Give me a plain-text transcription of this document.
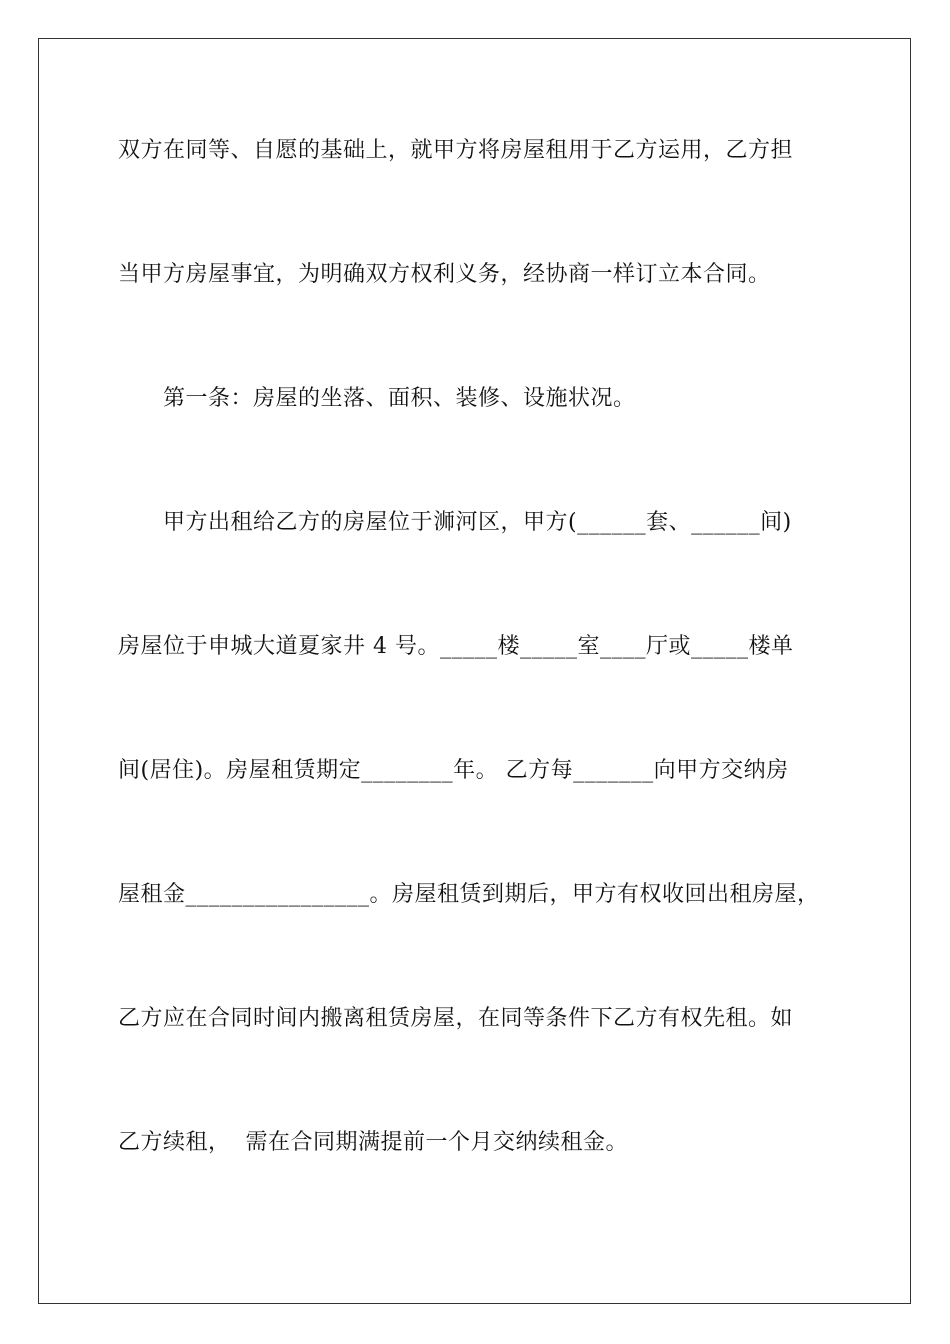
双方在同等、自愿的基础上，就甲方将房屋租用于乙方运用，乙方担

当甲方房屋事宜，为明确双方权利义务，经协商一样订立本合同。

第一条：房屋的坐落、面积、装修、设施状况。

甲方出租给乙方的房屋位于浉河区，甲方(______套、______间)

房屋位于申城大道夏家井 4 号。_____楼_____室____厅或_____楼单

间(居住)。房屋租赁期定________年。 乙方每_______向甲方交纳房

屋租金________________。房屋租赁到期后，甲方有权收回出租房屋，

乙方应在合同时间内搬离租赁房屋，在同等条件下乙方有权先租。如

乙方续租，  需在合同期满提前一个月交纳续租金。
